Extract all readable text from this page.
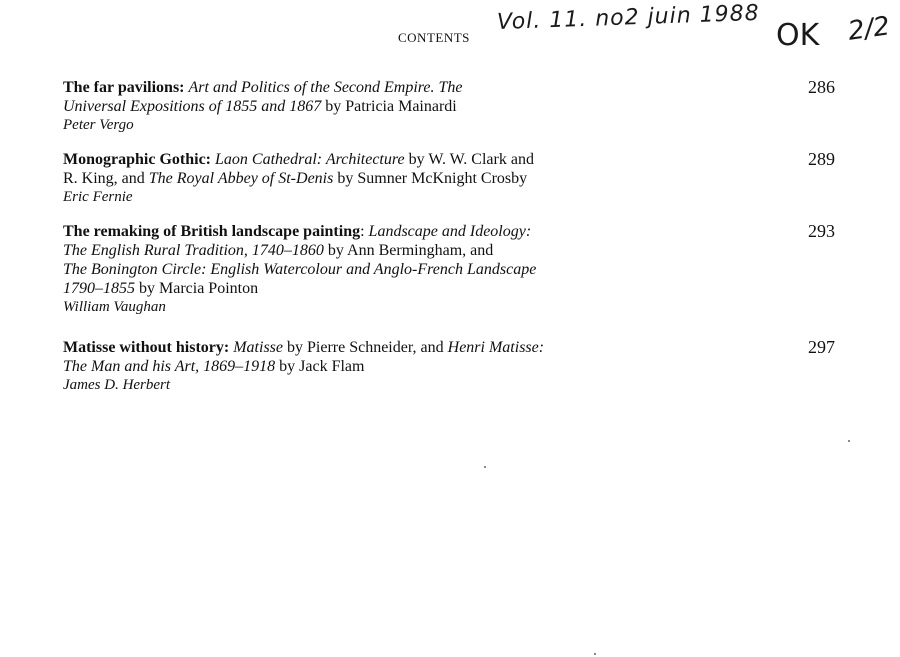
CONTENTS
Vol. 11. no2 juin 1988
OK 2/2
286
The far pavilions: Art and Politics of the Second Empire. The
Universal Expositions of 1855 and 1867 by Patricia Mainardi
Peter Vergo
289
Monographic Gothic: Laon Cathedral: Architecture by W. W. Clark and
R. King, and The Royal Abbey of St-Denis by Sumner McKnight Crosby
Eric Fernie
293
The remaking of British landscape painting: Landscape and Ideology:
The English Rural Tradition, 1740–1860 by Ann Bermingham, and
The Bonington Circle: English Watercolour and Anglo-French Landscape
1790–1855 by Marcia Pointon
William Vaughan
297
Matisse without history: Matisse by Pierre Schneider, and Henri Matisse:
The Man and his Art, 1869–1918 by Jack Flam
James D. Herbert
